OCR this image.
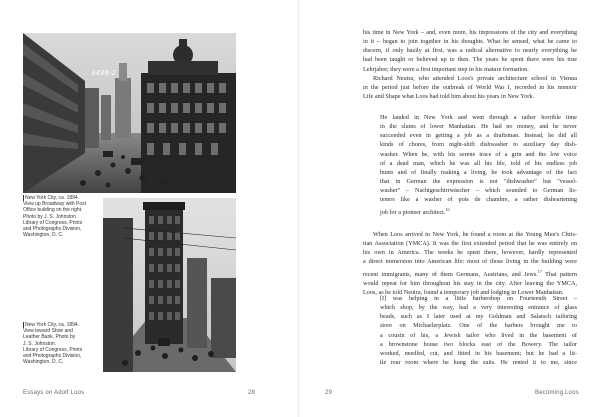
3438-2
New York City, ca. 1894.
View up Broadway with Post
Office building on the right.
Photo by J. S. Johnston.
Library of Congress, Prints
and Photographs Division,
Washington, D. C.
New York City, ca. 1894.
View toward Shoe and
Leather Bank. Photo by
J. S. Johnston.
Library of Congress, Prints
and Photographs Division,
Washington, D. C.
Essays on Adolf Loos	28
his time in New York – and, even more, his impressions of the city and everything
in it – began to join together in his thoughts. What he sensed, what he came to
discern, if only hazily at first, was a radical alternative to nearly everything he
had been taught or believed up to then. The years he spent there were his true
Lehrjahre; they were a first important step in his mature formation.
Richard Neutra, who attended Loos's private architecture school in Vienna
in the period just before the outbreak of World War I, recorded in his memoir
Life and Shape what Loos had told him about his years in New York.
He landed in New York and went through a rather horrible time
in the slums of lower Manhattan. He had no money, and he never
succeeded even in getting a job as a draftsman. Instead, he did all
kinds of chores, from night-shift dishwasher to auxiliary day dish-
washer. When he, with his serene trace of a grin and the low voice
of a dead man, which he was all his life, told of his endless job
hunts and of finally making a living, he took advantage of the fact
that in German the expression is not "dishwasher" but "vessel-
washer" – Nachtgeschirrwäscher – which sounded to German lis-
teners like a washer of pots de chambre, a rather disheartening
job for a pioneer architect.$^{16}$
When Loos arrived in New York, he found a room at the Young Men's Chris-
tian Association (YMCA). It was the first extended period that he was entirely on
his own in America. The weeks he spent there, however, hardly represented
a direct immersion into American life: most of those living in the building were
recent immigrants, many of them Germans, Austrians, and Jews.$^{17}$ That pattern
would repeat for him throughout his stay in the city. After leaving the YMCA,
Loos, as he told Neutra, found a temporary job and lodging in Lower Manhattan.
[I] was helping in a little barbershop on Fourteenth Street –
which shop, by the way, had a very interesting entrance of glass
beads, such as I later used at my Goldman and Salatsch tailoring
store on Michaelerplatz. One of the barbers brought me to
a cousin of his, a Jewish tailor who lived in the basement of
a brownstone house two blocks east of the Bowery. The tailor
worked, needled, cut, and fitted in his basement; but he had a lit-
tle rear room where he hung the suits. He rented it to me, since
29	Becoming Loos
